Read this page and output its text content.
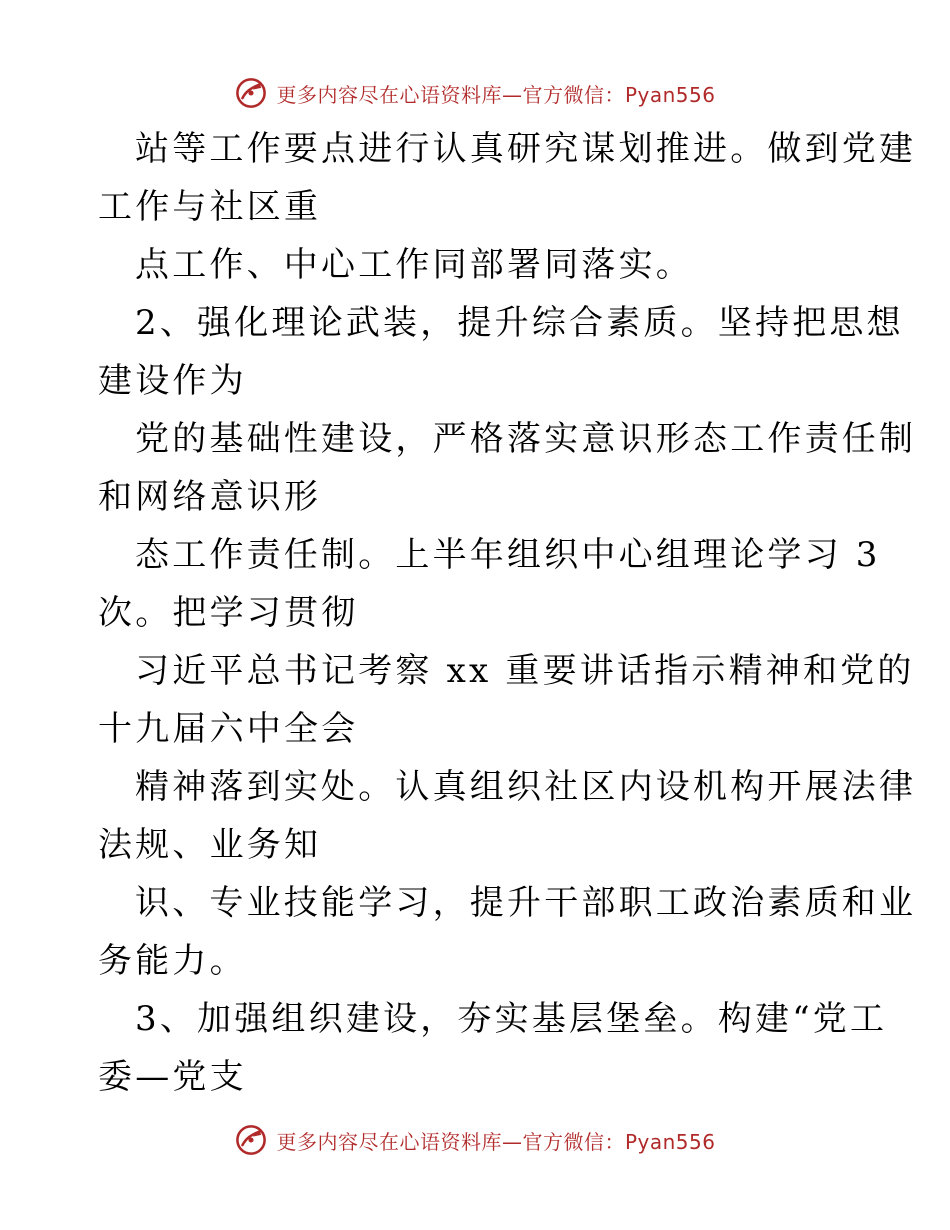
更多内容尽在心语资料库—官方微信：Pyan556
站等工作要点进行认真研究谋划推进。做到党建
工作与社区重
点工作、中心工作同部署同落实。
2、强化理论武装，提升综合素质。坚持把思想
建设作为
党的基础性建设，严格落实意识形态工作责任制
和网络意识形
态工作责任制。上半年组织中心组理论学习 3
次。把学习贯彻
习近平总书记考察 xx 重要讲话指示精神和党的
十九届六中全会
精神落到实处。认真组织社区内设机构开展法律
法规、业务知
识、专业技能学习，提升干部职工政治素质和业
务能力。
3、加强组织建设，夯实基层堡垒。构建“党工
委—党支
更多内容尽在心语资料库—官方微信：Pyan556
